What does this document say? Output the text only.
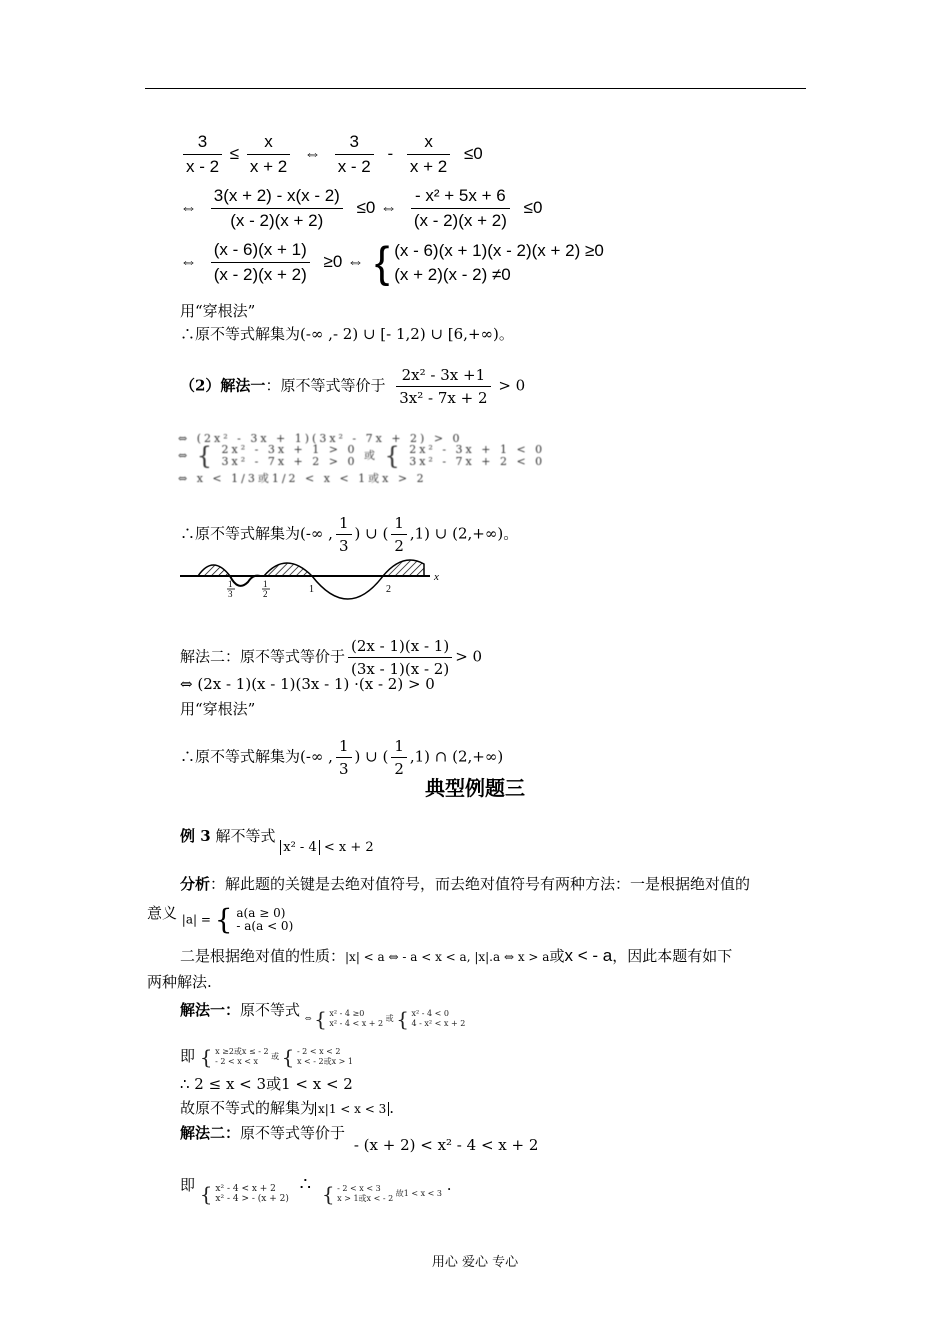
$\frac{3}{x - 2} \le \frac{x}{x + 2}$ ⇔ $\frac{3}{x - 2} - \frac{x}{x + 2} \le 0$
⇔ $\frac{3(x + 2) - x(x - 2)}{(x - 2)(x + 2)} \le 0$ ⇔ $\frac{\text{- x² + 5x + 6}}{(x - 2)(x + 2)} \le 0$
⇔ $\frac{(x - 6)(x + 1)}{(x - 2)(x + 2)} \ge 0$ ⇔ { (x - 6)(x + 1)(x - 2)(x + 2) ≥0
(x + 2)(x - 2) ≠0
用“穿根法”
∴原不等式解集为(-∞ ,- 2) ∪ [- 1,2) ∪ [6,+∞)。
（2）解法一：原不等式等价于 $\frac{\text{2x² - 3x +1}}{\text{3x² - 7x + 2}} > 0$
⇔ (2x² - 3x + 1)(3x² - 7x + 2) > 0
⇔ { 2x² - 3x + 1 > 0
3x² - 7x + 2 > 0 或 { 2x² - 3x + 1 < 0
3x² - 7x + 2 < 0
⇔ x < 1/3或1/2 < x < 1或x > 2
∴原不等式解集为(-∞ , $\frac{1}{3}$ ) ∪ ( $\frac{1}{2} ,1$) ∪ (2,+∞)。
1
3
1
2	1	2
x
解法二：原不等式等价于 $\frac{(2x - 1)(x - 1)}{(3x - 1)(x - 2)} > 0$
⇔ (2x - 1)(x - 1)(3x - 1) ·(x - 2) > 0
用“穿根法”
∴原不等式解集为(-∞ , $\frac{1}{3}$ ) ∪ ( $\frac{1}{2} ,1$) ∩ (2,+∞)
典型例题三
例 3 解不等式 x² - 4 < x + 2
分析：解此题的关键是去绝对值符号，而去绝对值符号有两种方法：一是根据绝对值的
意义 |a| = { a(a ≥ 0)
- a(a < 0)
二是根据绝对值的性质：|x| < a ⇔ - a < x < a, |x|.a ⇔ x > a或x < - a，因此本题有如下
两种解法.
解法一：原不等式 ⇔ { x² - 4 ≥0
x² - 4 < x + 2
或 { x² - 4 < 0
4 - x² < x + 2
即 { x ≥2或x ≤ - 2
- 2 < x < x
或 { - 2 < x < 2
x < - 2或x > 1
∴ 2 ≤ x < 3或1 < x < 2
故原不等式的解集为 x|1 < x < 3 .
解法二：原不等式等价于 - (x + 2) < x² - 4 < x + 2
即 { x² - 4 < x + 2
x² - 4 > - (x + 2)
∴ { - 2 < x < 3
x > 1或x < - 2
故1 < x < 3 .
用心 爱心 专心
